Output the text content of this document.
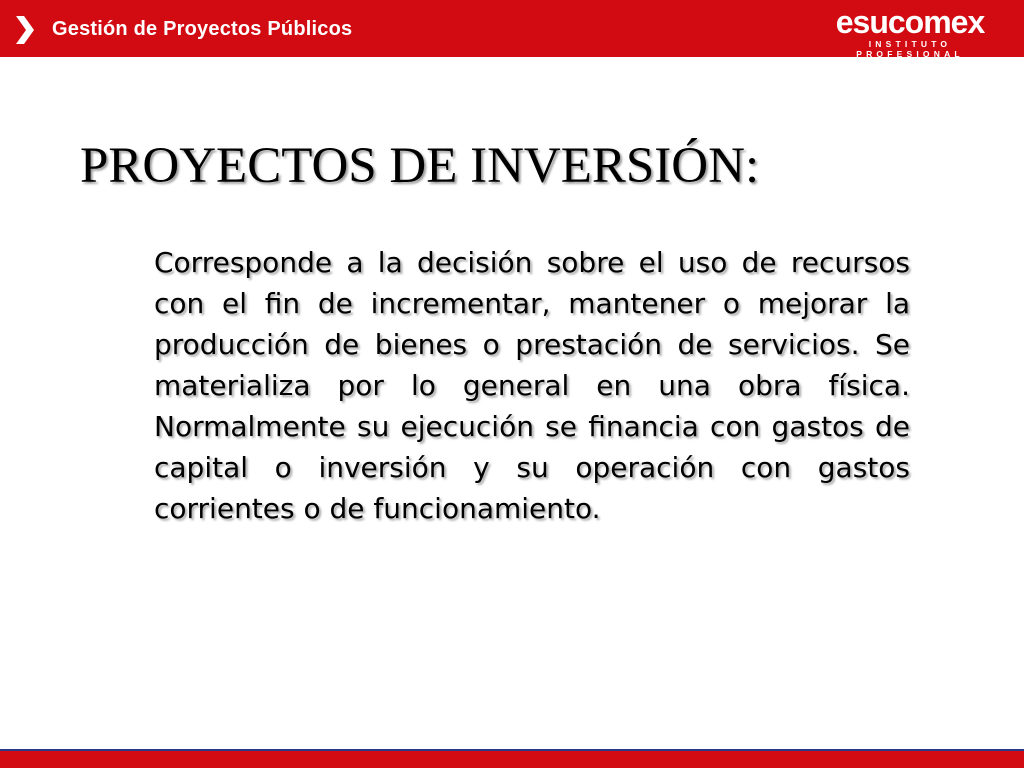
Gestión de Proyectos Públicos	esucomex
INSTITUTO PROFESIONAL
PROYECTOS DE INVERSIÓN:

Corresponde a la decisión sobre el uso de recursos con el fin de incrementar, mantener o mejorar la producción de bienes o prestación de servicios. Se materializa por lo general en una obra física. Normalmente su ejecución se financia con gastos de capital o inversión y su operación con gastos corrientes o de funcionamiento.
